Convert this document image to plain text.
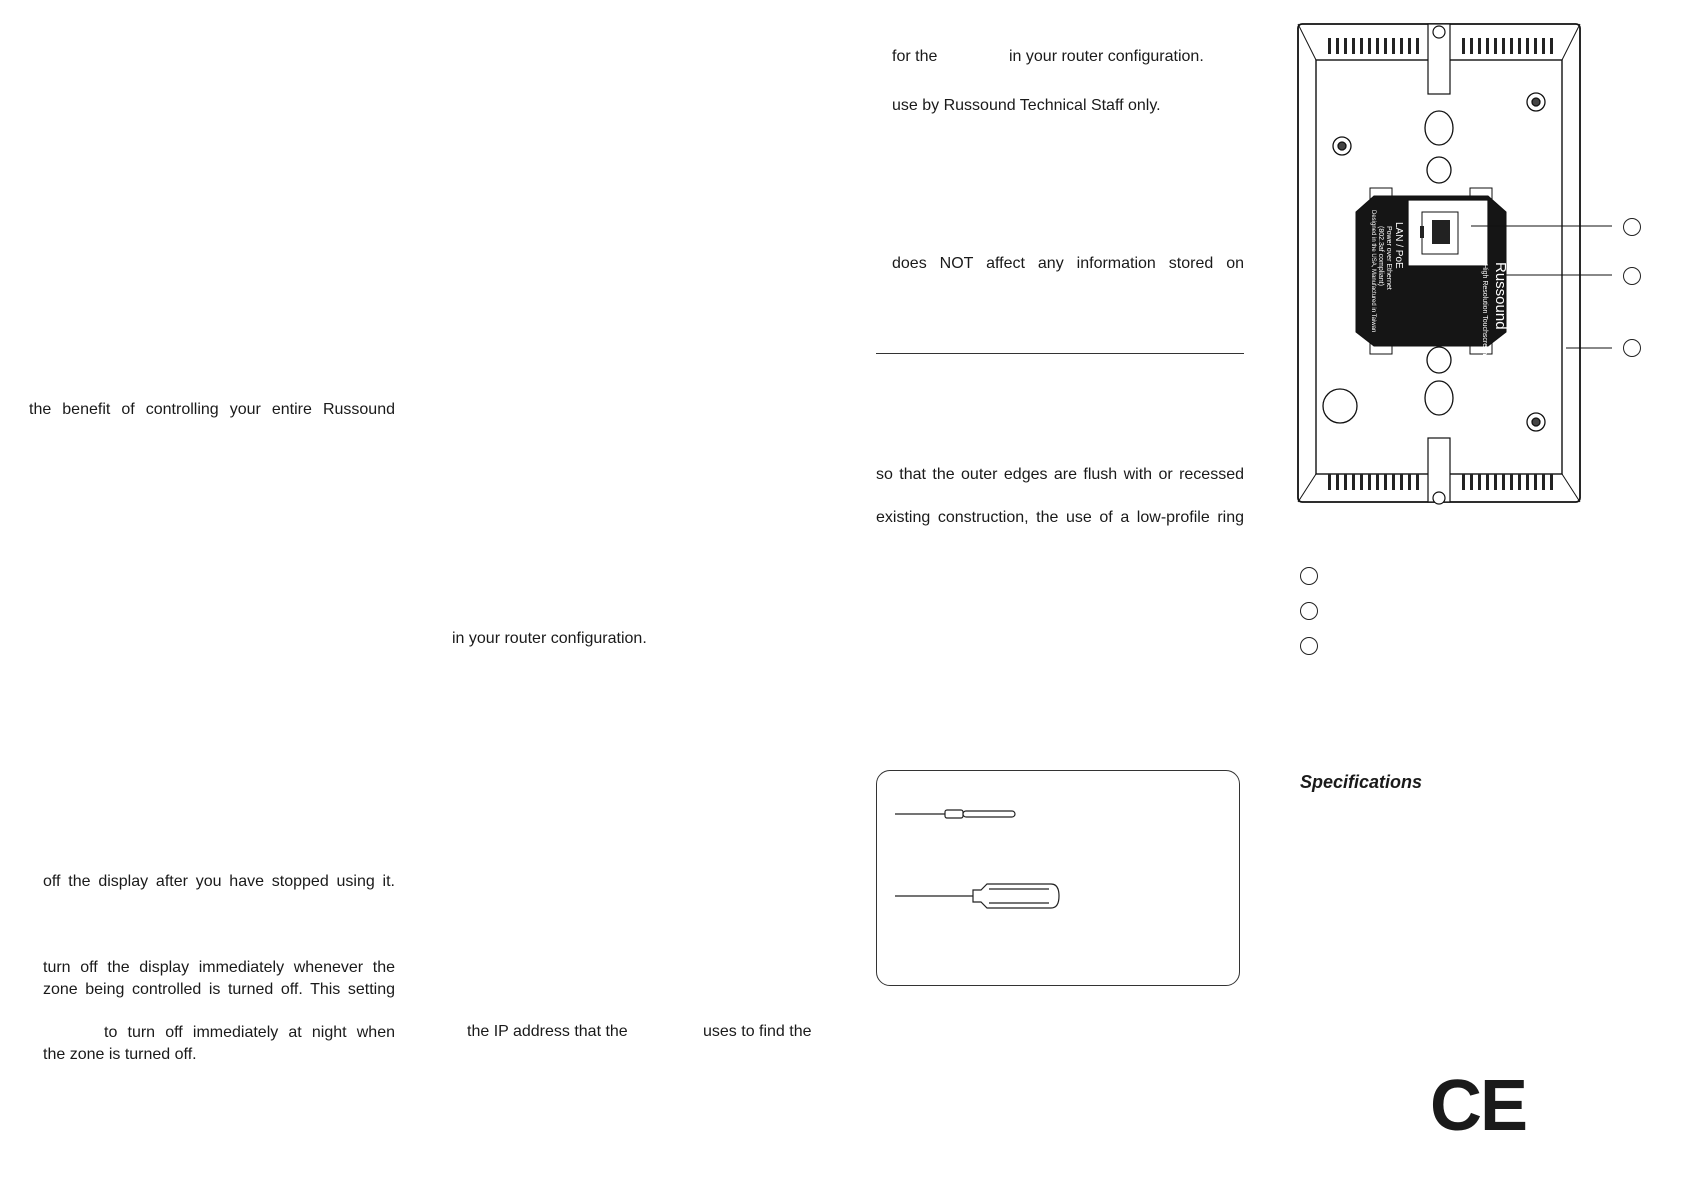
the benefit of controlling your entire Russound
off the display after you have stopped using it.
turn off the display immediately whenever the
zone being controlled is turned off. This setting
to turn off immediately at night when
the zone is turned off.
in your router configuration.
the IP address that the	uses to find the
for the	in your router configuration.
use by Russound Technical Staff only.
does NOT affect any information stored on
so that the outer edges are flush with or recessed
existing construction, the use of a low-profile ring
LAN / PoE
Russound
High Resolution Touchscreen
Power over Ethernet
(802.3af compliant)
Designed in the USA, Manufactured in Taiwan
Specifications
CE
